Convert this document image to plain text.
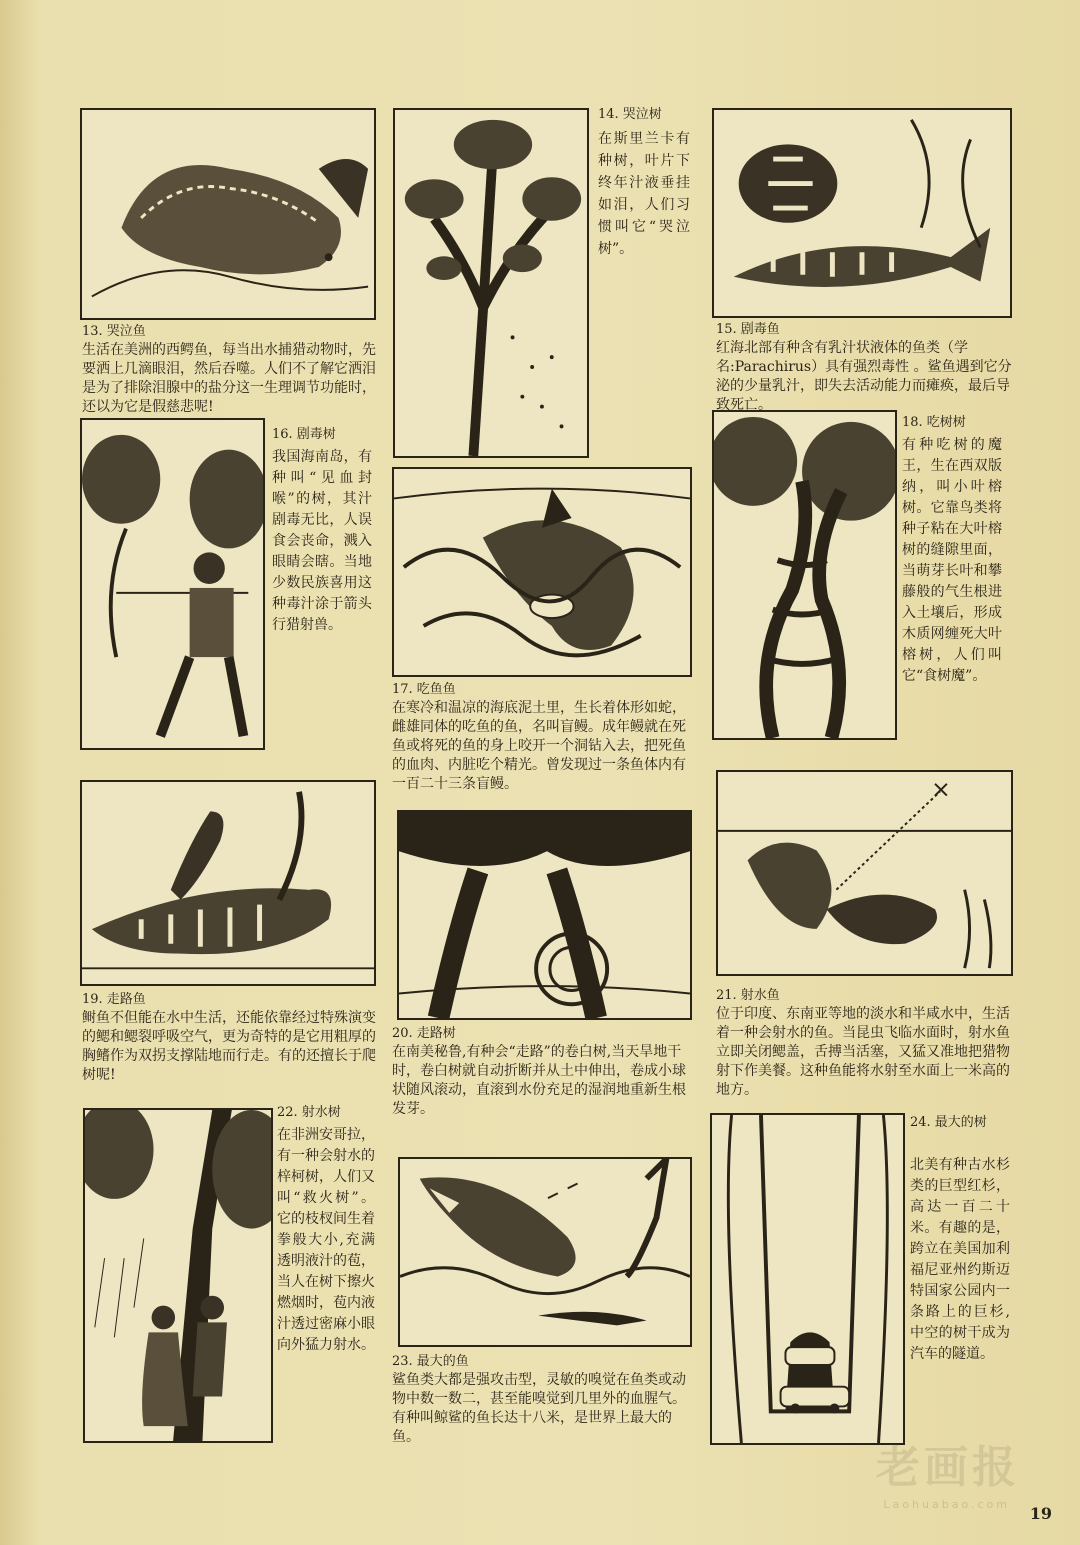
13. 哭泣鱼
生活在美洲的西鳄鱼，每当出水捕猎动物时，先要洒上几滴眼泪，然后吞噬。人们不了解它洒泪是为了排除泪腺中的盐分这一生理调节功能时，还以为它是假慈悲呢!
14. 哭泣树
在斯里兰卡有种树，叶片下终年汁液垂挂如泪，人们习惯叫它“哭泣树”。
15. 剧毒鱼
红海北部有种含有乳汁状液体的鱼类（学名:Parachirus）具有强烈毒性 。鲨鱼遇到它分泌的少量乳汁，即失去活动能力而瘫痪，最后导致死亡。
16. 剧毒树
我国海南岛，有种叫“见血封喉”的树，其汁剧毒无比，人误食会丧命，溅入眼睛会瞎。当地少数民族喜用这种毒汁涂于箭头行猎射兽。
17. 吃鱼鱼
在寒冷和温凉的海底泥土里，生长着体形如蛇，雌雄同体的吃鱼的鱼，名叫盲鳗。成年鳗就在死鱼或将死的鱼的身上咬开一个洞钻入去，把死鱼的血肉、内脏吃个精光。曾发现过一条鱼体内有一百二十三条盲鳗。
18. 吃树树
有种吃树的魔王，生在西双版纳，叫小叶榕树。它靠鸟类将种子粘在大叶榕树的缝隙里面，当萌芽长叶和攀藤般的气生根进入土壤后，形成木质网缠死大叶榕树，人们叫它“食树魔”。
19. 走路鱼
鲥鱼不但能在水中生活，还能依靠经过特殊演变的鳃和鳃裂呼吸空气，更为奇特的是它用粗厚的胸鳍作为双拐支撑陆地而行走。有的还擅长于爬树呢!
20. 走路树
在南美秘鲁,有种会“走路”的卷白树,当天旱地干时，卷白树就自动折断并从土中伸出，卷成小球状随风滚动，直滚到水份充足的湿润地重新生根发芽。
21. 射水鱼
位于印度、东南亚等地的淡水和半咸水中，生活着一种会射水的鱼。当昆虫飞临水面时，射水鱼立即关闭鳃盖，舌搏当活塞，又猛又准地把猎物射下作美餐。这种鱼能将水射至水面上一米高的地方。
22. 射水树
在非洲安哥拉，有一种会射水的梓柯树，人们又叫“救火树”。它的枝杈间生着拳般大小,充满透明液汁的苞，当人在树下擦火燃烟时，苞内液汁透过密麻小眼向外猛力射水。
23. 最大的鱼
鲨鱼类大都是强攻击型，灵敏的嗅觉在鱼类或动物中数一数二，甚至能嗅觉到几里外的血腥气。有种叫鲸鲨的鱼长达十八米，是世界上最大的鱼。
24. 最大的树
北美有种古水杉类的巨型红杉，高达一百二十米。有趣的是，跨立在美国加利福尼亚州约斯迈特国家公园内一条路上的巨杉,中空的树干成为汽车的隧道。
老画报
Laohuabao.com 19
